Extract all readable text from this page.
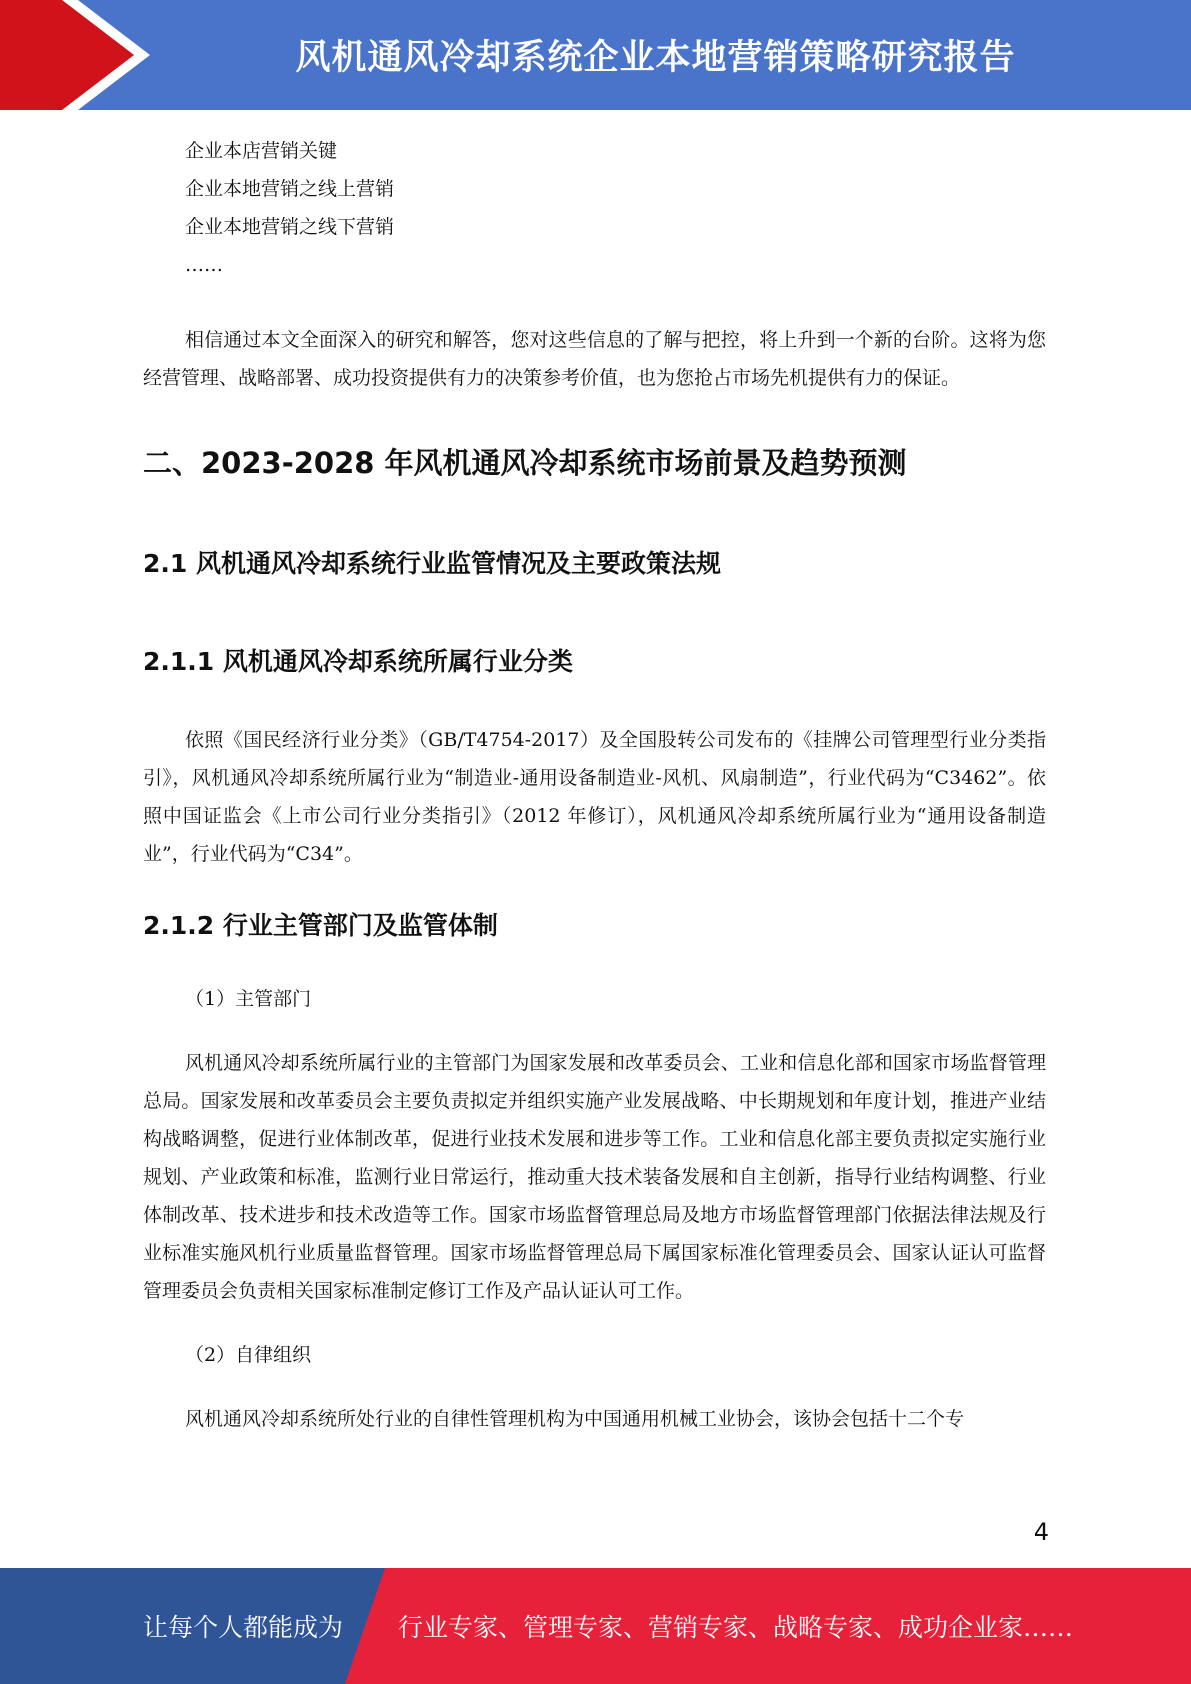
风机通风冷却系统企业本地营销策略研究报告

企业本店营销关键

企业本地营销之线上营销

企业本地营销之线下营销

……

相信通过本文全面深入的研究和解答，您对这些信息的了解与把控，将上升到一个新的台阶。这将为您经营管理、战略部署、成功投资提供有力的决策参考价值，也为您抢占市场先机提供有力的保证。

二、2023-2028 年风机通风冷却系统市场前景及趋势预测
2.1 风机通风冷却系统行业监管情况及主要政策法规
2.1.1 风机通风冷却系统所属行业分类

依照《国民经济行业分类》（GB/T4754-2017）及全国股转公司发布的《挂牌公司管理型行业分类指引》，风机通风冷却系统所属行业为“制造业-通用设备制造业-风机、风扇制造”，行业代码为“C3462”。依照中国证监会《上市公司行业分类指引》（2012 年修订），风机通风冷却系统所属行业为“通用设备制造业”，行业代码为“C34”。

2.1.2 行业主管部门及监管体制

（1）主管部门

风机通风冷却系统所属行业的主管部门为国家发展和改革委员会、工业和信息化部和国家市场监督管理总局。国家发展和改革委员会主要负责拟定并组织实施产业发展战略、中长期规划和年度计划，推进产业结构战略调整，促进行业体制改革，促进行业技术发展和进步等工作。工业和信息化部主要负责拟定实施行业规划、产业政策和标准，监测行业日常运行，推动重大技术装备发展和自主创新，指导行业结构调整、行业体制改革、技术进步和技术改造等工作。国家市场监督管理总局及地方市场监督管理部门依据法律法规及行业标准实施风机行业质量监督管理。国家市场监督管理总局下属国家标准化管理委员会、国家认证认可监督管理委员会负责相关国家标准制定修订工作及产品认证认可工作。

（2）自律组织

风机通风冷却系统所处行业的自律性管理机构为中国通用机械工业协会，该协会包括十二个专

4
让每个人都能成为 行业专家、管理专家、营销专家、战略专家、成功企业家……
